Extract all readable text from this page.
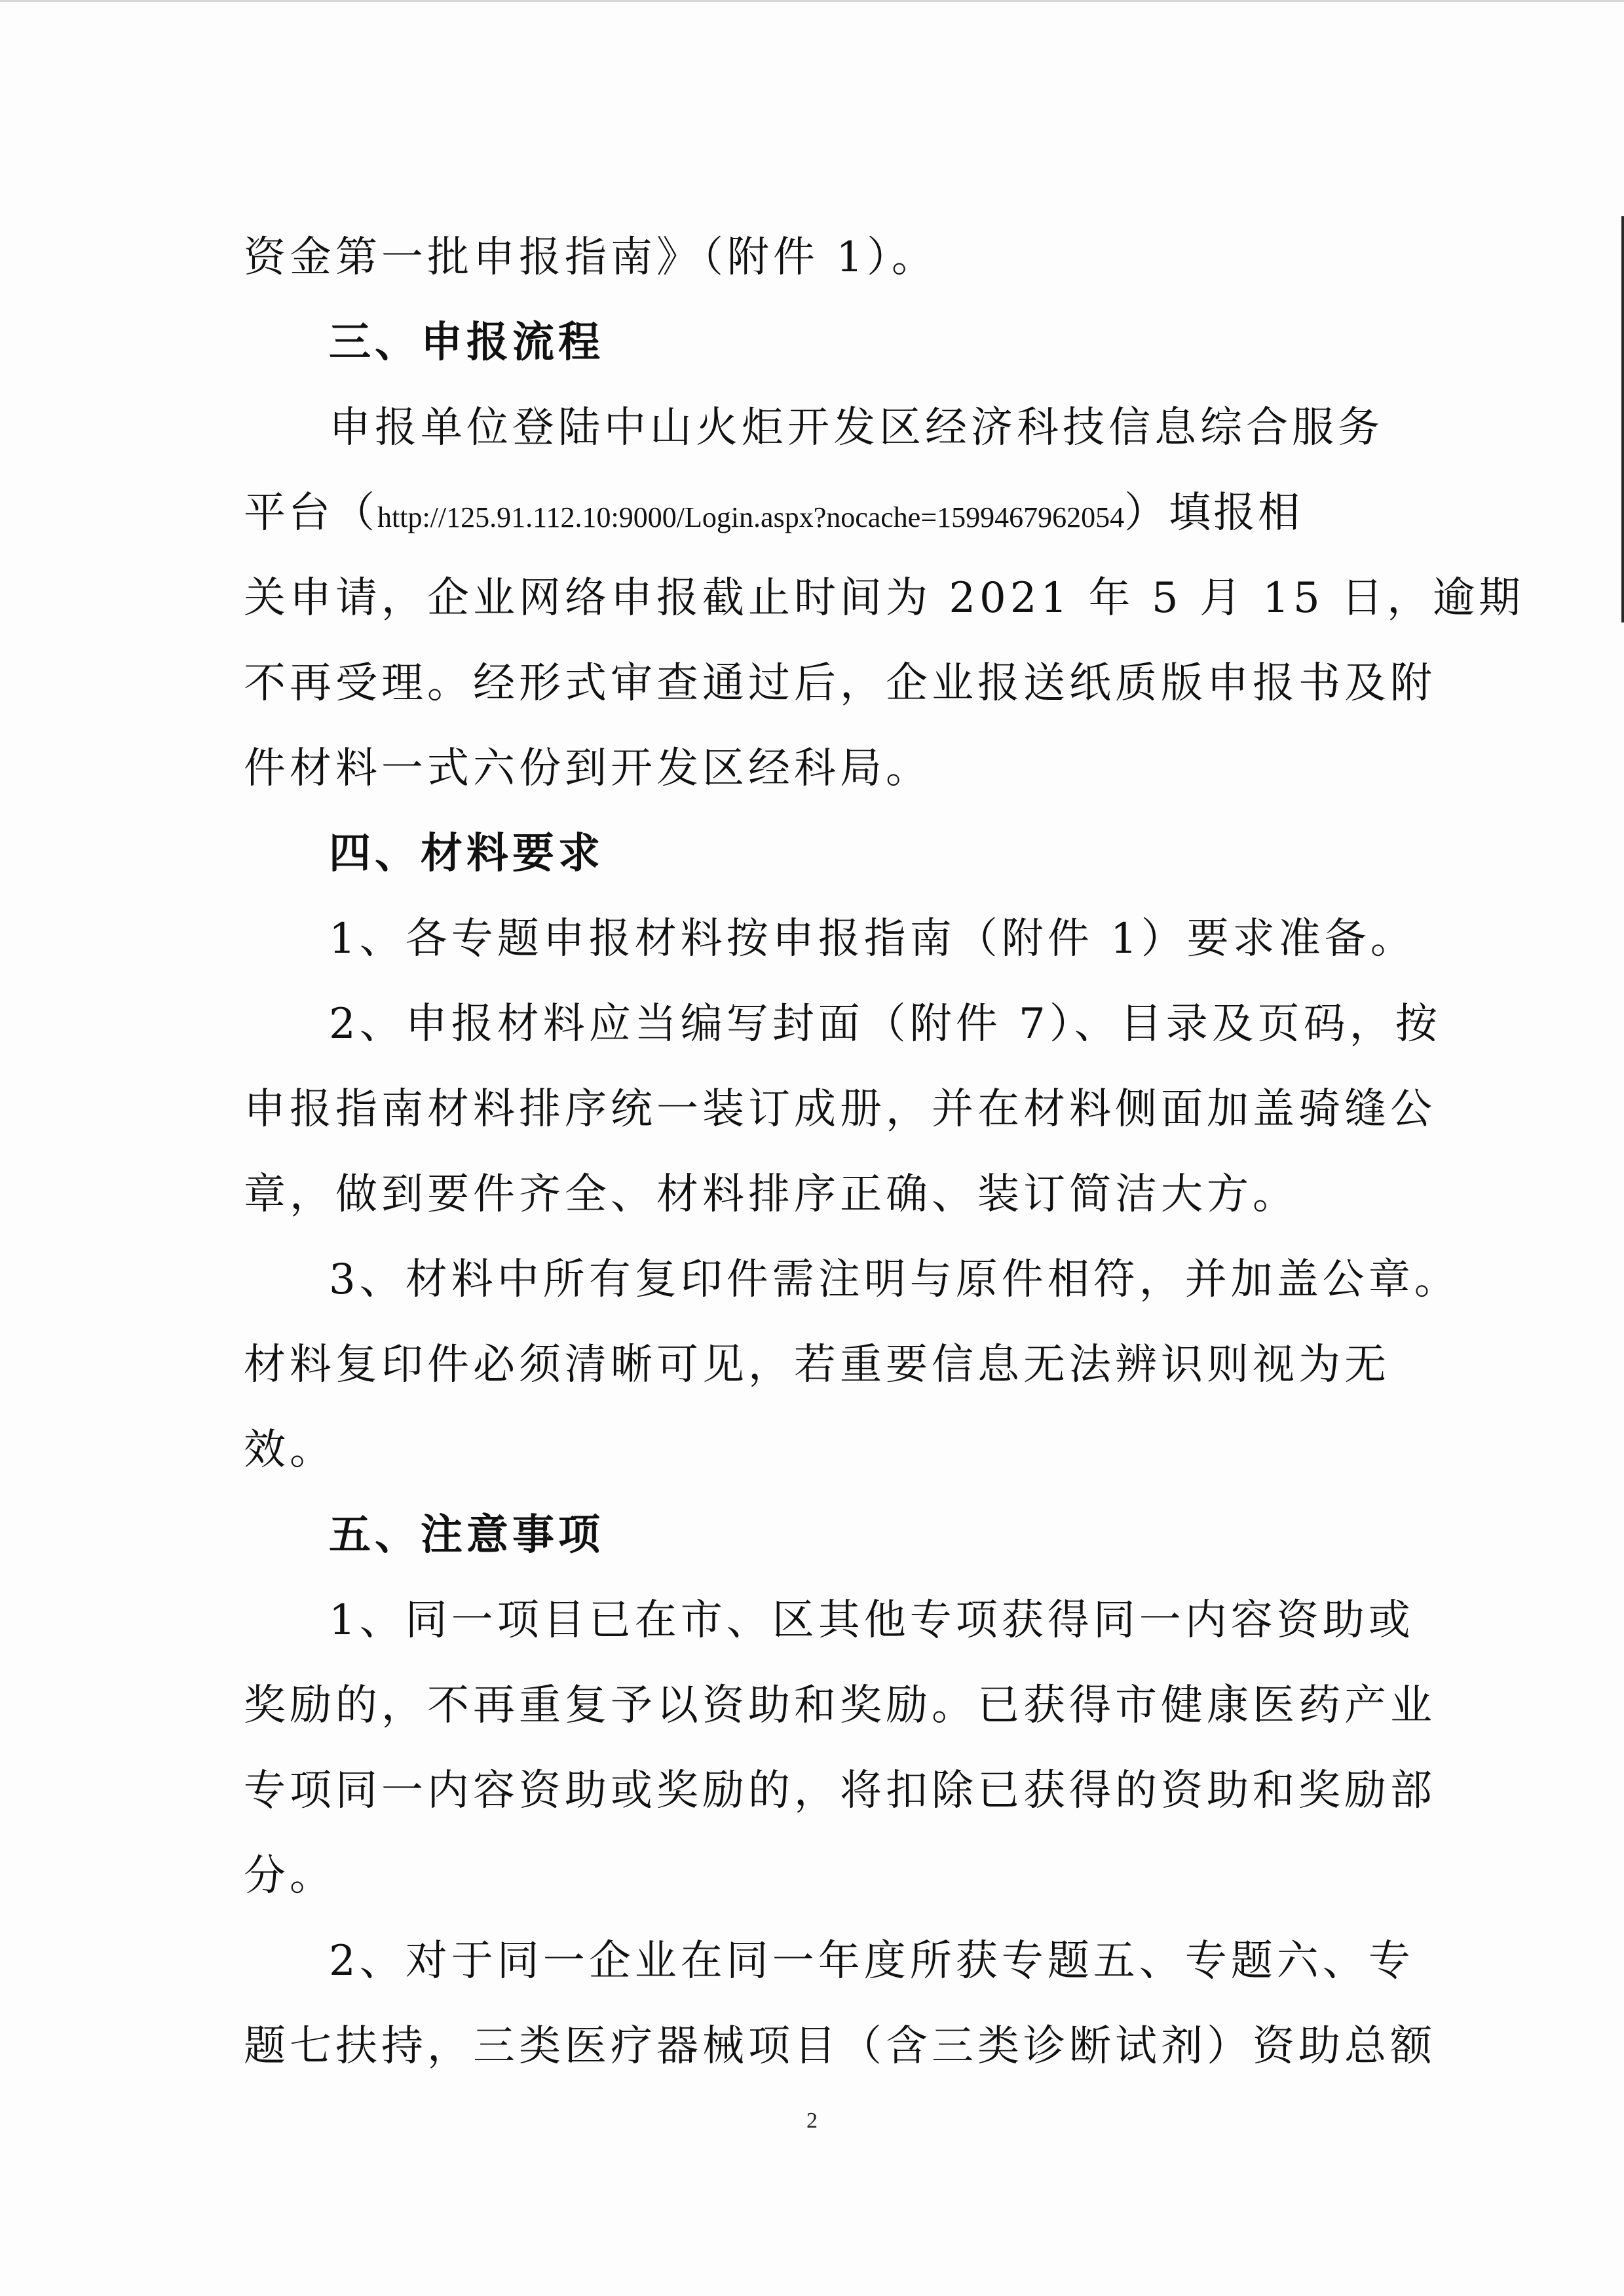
资金第一批申报指南》（附件 1）。
三、申报流程
申报单位登陆中山火炬开发区经济科技信息综合服务
平台（http://125.91.112.10:9000/Login.aspx?nocache=1599467962054）填报相
关申请，企业网络申报截止时间为 2021 年 5 月 15 日，逾期
不再受理。经形式审查通过后，企业报送纸质版申报书及附
件材料一式六份到开发区经科局。
四、材料要求
1、各专题申报材料按申报指南（附件 1）要求准备。
2、申报材料应当编写封面（附件 7）、目录及页码，按
申报指南材料排序统一装订成册，并在材料侧面加盖骑缝公
章，做到要件齐全、材料排序正确、装订简洁大方。
3、材料中所有复印件需注明与原件相符，并加盖公章。
材料复印件必须清晰可见，若重要信息无法辨识则视为无
效。
五、注意事项
1、同一项目已在市、区其他专项获得同一内容资助或
奖励的，不再重复予以资助和奖励。已获得市健康医药产业
专项同一内容资助或奖励的，将扣除已获得的资助和奖励部
分。
2、对于同一企业在同一年度所获专题五、专题六、专
题七扶持，三类医疗器械项目（含三类诊断试剂）资助总额
2
